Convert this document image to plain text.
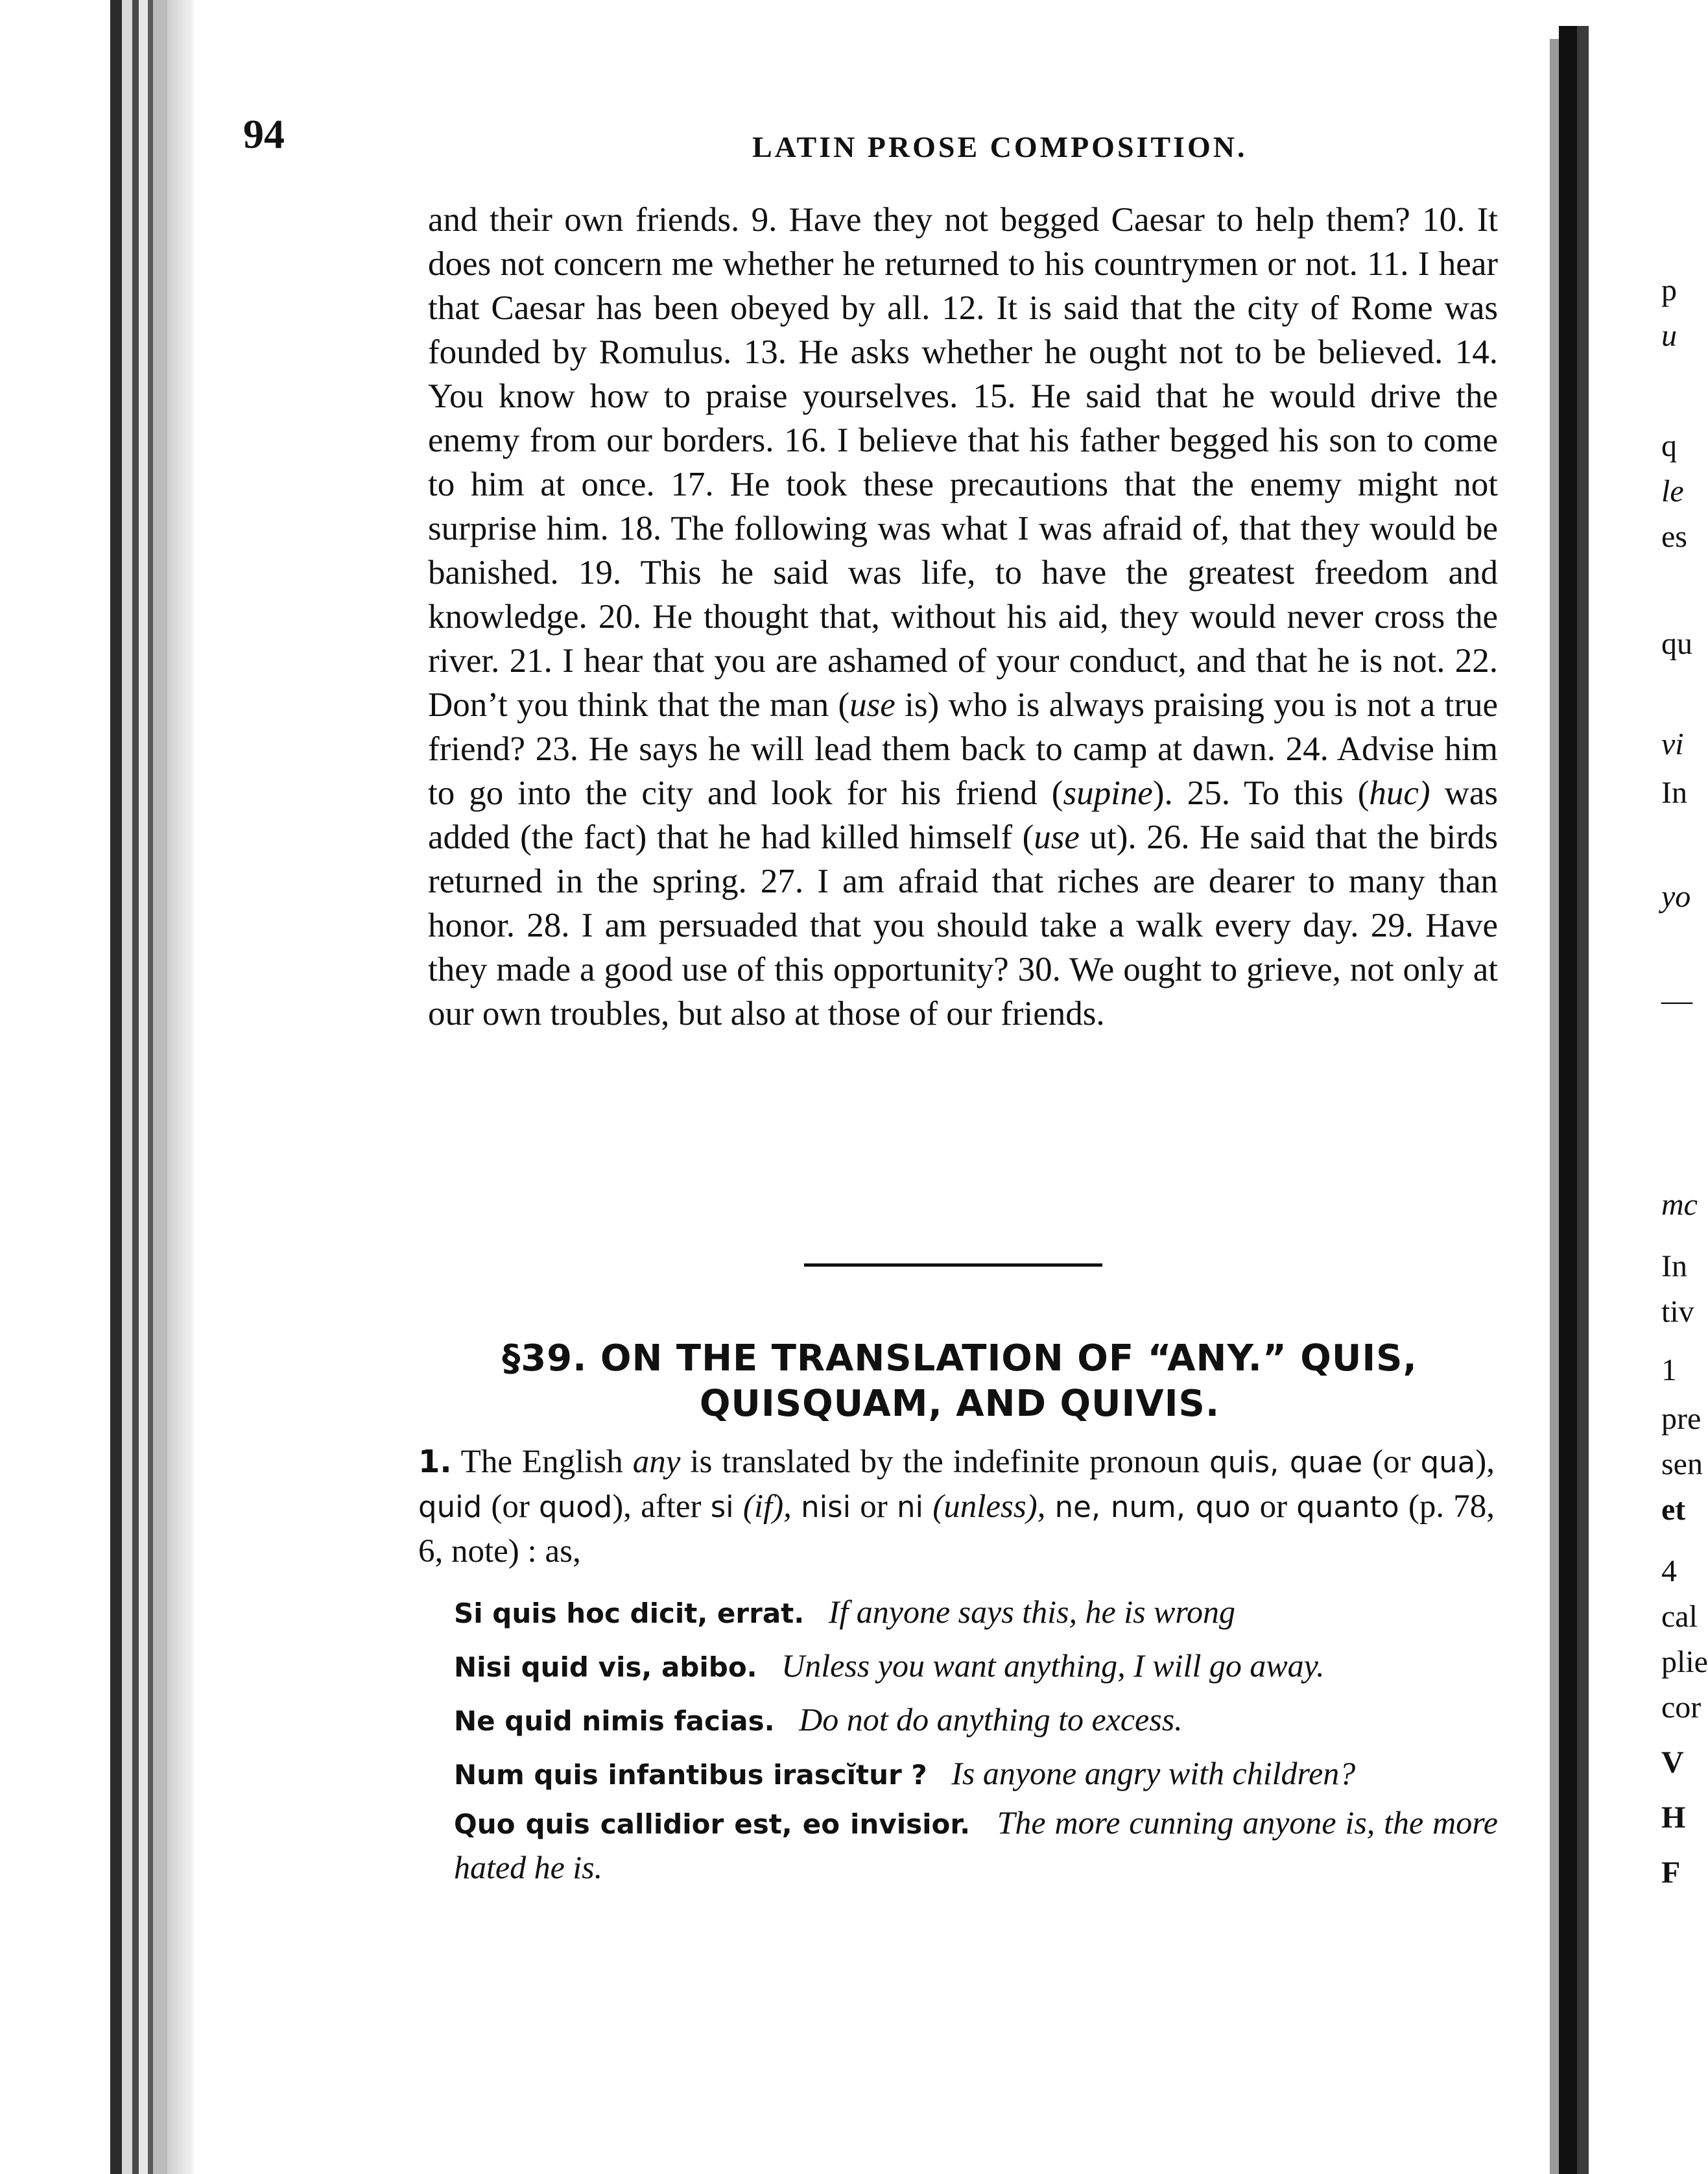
94	LATIN PROSE COMPOSITION.

and their own friends. 9. Have they not begged Caesar to help them? 10. It does not concern me whether he returned to his countrymen or not. 11. I hear that Caesar has been obeyed by all. 12. It is said that the city of Rome was founded by Romulus. 13. He asks whether he ought not to be believed. 14. You know how to praise yourselves. 15. He said that he would drive the enemy from our borders. 16. I believe that his father begged his son to come to him at once. 17. He took these precautions that the enemy might not surprise him. 18. The following was what I was afraid of, that they would be banished. 19. This he said was life, to have the greatest freedom and knowledge. 20. He thought that, without his aid, they would never cross the river. 21. I hear that you are ashamed of your conduct, and that he is not. 22. Don’t you think that the man (use is) who is always praising you is not a true friend? 23. He says he will lead them back to camp at dawn. 24. Advise him to go into the city and look for his friend (supine). 25. To this (huc) was added (the fact) that he had killed himself (use ut). 26. He said that the birds returned in the spring. 27. I am afraid that riches are dearer to many than honor. 28. I am persuaded that you should take a walk every day. 29. Have they made a good use of this opportunity? 30. We ought to grieve, not only at our own troubles, but also at those of our friends.

§39. ON THE TRANSLATION OF “ANY.” QUIS, QUISQUAM, AND QUIVIS.
1. The English any is translated by the indefinite pronoun quis, quae (or qua), quid (or quod), after si (if), nisi or ni (unless), ne, num, quo or quanto (p. 78, 6, note) : as,

Si quis hoc dicit, errat. If anyone says this, he is wrong

Nisi quid vis, abibo. Unless you want anything, I will go away.

Ne quid nimis facias. Do not do anything to excess.

Num quis infantibus irascĭtur ? Is anyone angry with children?

Quo quis callidior est, eo invisior. The more cunning anyone is, the more hated he is.

p
u
q
le
es
qu
vi
In
yo
—
mc
In
tiv
1
pre
sen
et
4
cal
plie
cor
V
H
F
